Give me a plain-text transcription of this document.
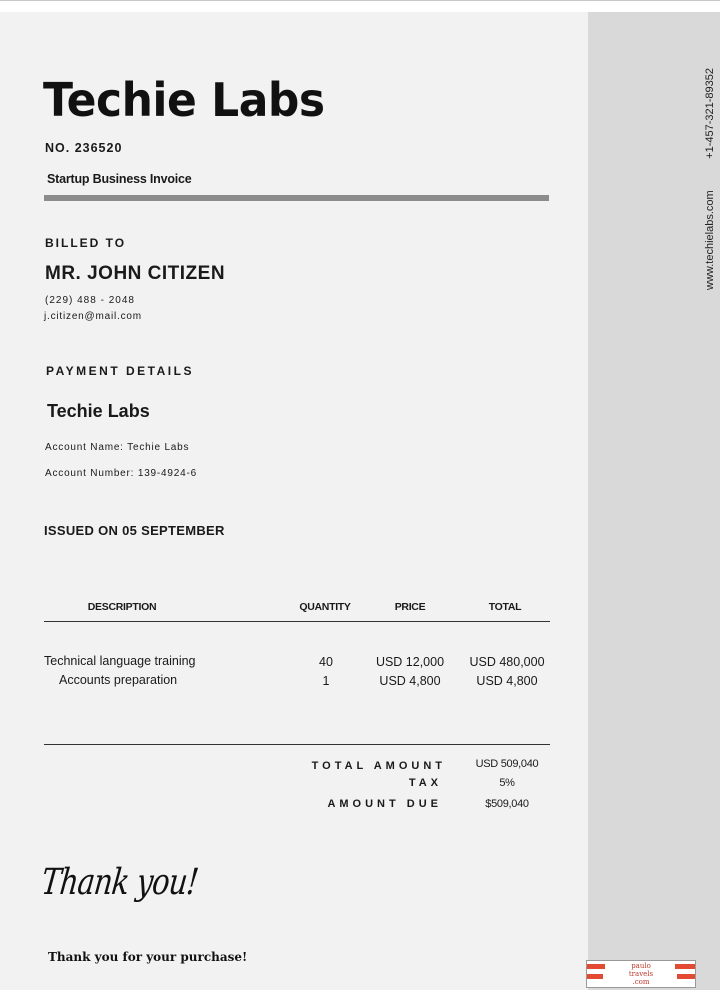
www.techielabs.com
+1-457-321-89352
Techie Labs
NO. 236520
Startup Business Invoice
BILLED TO
MR. JOHN CITIZEN
(229) 488 - 2048
j.citizen@mail.com
PAYMENT DETAILS
Techie Labs
Account Name: Techie Labs
Account Number: 139-4924-6
ISSUED ON 05 SEPTEMBER
DESCRIPTION	QUANTITY	PRICE	TOTAL
Technical language training	40	USD 12,000	USD 480,000
Accounts preparation	1	USD 4,800	USD 4,800
TOTAL AMOUNT	USD 509,040
TAX	5%
AMOUNT DUE	$509,040
Thank you!
Thank you for your purchase!
paulo
travels
.com
